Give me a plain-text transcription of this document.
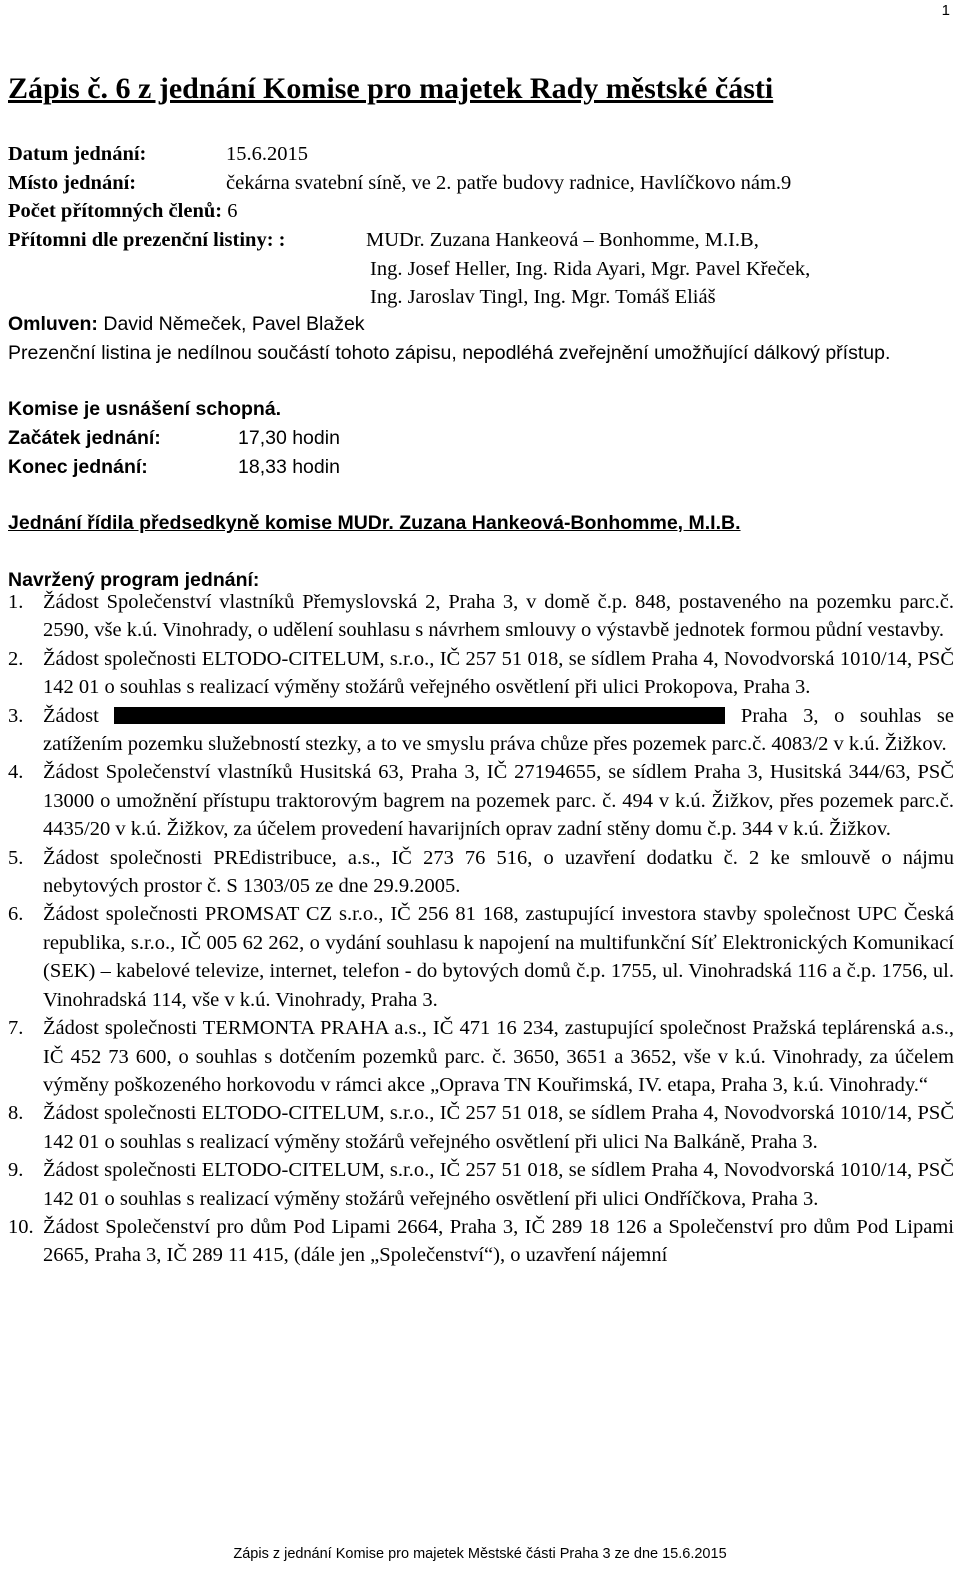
1
Zápis č. 6 z jednání Komise pro majetek Rady městské části
Datum jednání:	15.6.2015
Místo jednání:	čekárna svatební síně, ve 2. patře budovy radnice, Havlíčkovo nám.9
Počet přítomných členů: 6
Přítomni dle prezenční listiny: :	MUDr. Zuzana Hankeová – Bonhomme, M.I.B,
Ing. Josef Heller, Ing. Rida Ayari, Mgr. Pavel Křeček,
Ing. Jaroslav Tingl, Ing. Mgr. Tomáš Eliáš
Omluven: David Němeček, Pavel Blažek
Prezenční listina je nedílnou součástí tohoto zápisu, nepodléhá zveřejnění umožňující dálkový přístup.
Komise je usnášení schopná.
Začátek jednání:	17,30 hodin
Konec jednání:	18,33 hodin
Jednání řídila předsedkyně komise MUDr. Zuzana Hankeová-Bonhomme, M.I.B.
Navržený program jednání:
1. Žádost Společenství vlastníků Přemyslovská 2, Praha 3, v domě č.p. 848, postaveného na pozemku parc.č. 2590, vše k.ú. Vinohrady, o udělení souhlasu s návrhem smlouvy o výstavbě jednotek formou půdní vestavby.
2. Žádost společnosti ELTODO-CITELUM, s.r.o., IČ 257 51 018, se sídlem Praha 4, Novodvorská 1010/14, PSČ 142 01 o souhlas s realizací výměny stožárů veřejného osvětlení při ulici Prokopova, Praha 3.
3. Žádost	Praha 3, o souhlas se zatížením pozemku služebností stezky, a to ve smyslu práva chůze přes pozemek parc.č. 4083/2 v k.ú. Žižkov.
4. Žádost Společenství vlastníků Husitská 63, Praha 3, IČ 27194655, se sídlem Praha 3, Husitská 344/63, PSČ 13000 o umožnění přístupu traktorovým bagrem na pozemek parc. č. 494 v k.ú. Žižkov, přes pozemek parc.č. 4435/20 v k.ú. Žižkov, za účelem provedení havarijních oprav zadní stěny domu č.p. 344 v k.ú. Žižkov.
5. Žádost společnosti PREdistribuce, a.s., IČ 273 76 516, o uzavření dodatku č. 2 ke smlouvě o nájmu nebytových prostor č. S 1303/05 ze dne 29.9.2005.
6. Žádost společnosti PROMSAT CZ s.r.o., IČ 256 81 168, zastupující investora stavby společnost UPC Česká republika, s.r.o., IČ 005 62 262, o vydání souhlasu k napojení na multifunkční Síť Elektronických Komunikací (SEK) – kabelové televize, internet, telefon - do bytových domů č.p. 1755, ul. Vinohradská 116 a č.p. 1756, ul. Vinohradská 114, vše v k.ú. Vinohrady, Praha 3.
7. Žádost společnosti TERMONTA PRAHA a.s., IČ 471 16 234, zastupující společnost Pražská teplárenská a.s., IČ 452 73 600, o souhlas s dotčením pozemků parc. č. 3650, 3651 a 3652, vše v k.ú. Vinohrady, za účelem výměny poškozeného horkovodu v rámci akce „Oprava TN Kouřimská, IV. etapa, Praha 3, k.ú. Vinohrady.“
8. Žádost společnosti ELTODO-CITELUM, s.r.o., IČ 257 51 018, se sídlem Praha 4, Novodvorská 1010/14, PSČ 142 01 o souhlas s realizací výměny stožárů veřejného osvětlení při ulici Na Balkáně, Praha 3.
9. Žádost společnosti ELTODO-CITELUM, s.r.o., IČ 257 51 018, se sídlem Praha 4, Novodvorská 1010/14, PSČ 142 01 o souhlas s realizací výměny stožárů veřejného osvětlení při ulici Ondříčkova, Praha 3.
10. Žádost Společenství pro dům Pod Lipami 2664, Praha 3, IČ 289 18 126 a Společenství pro dům Pod Lipami 2665, Praha 3, IČ 289 11 415, (dále jen „Společenství“), o uzavření nájemní
Zápis z jednání Komise pro majetek Městské části Praha 3 ze dne 15.6.2015
